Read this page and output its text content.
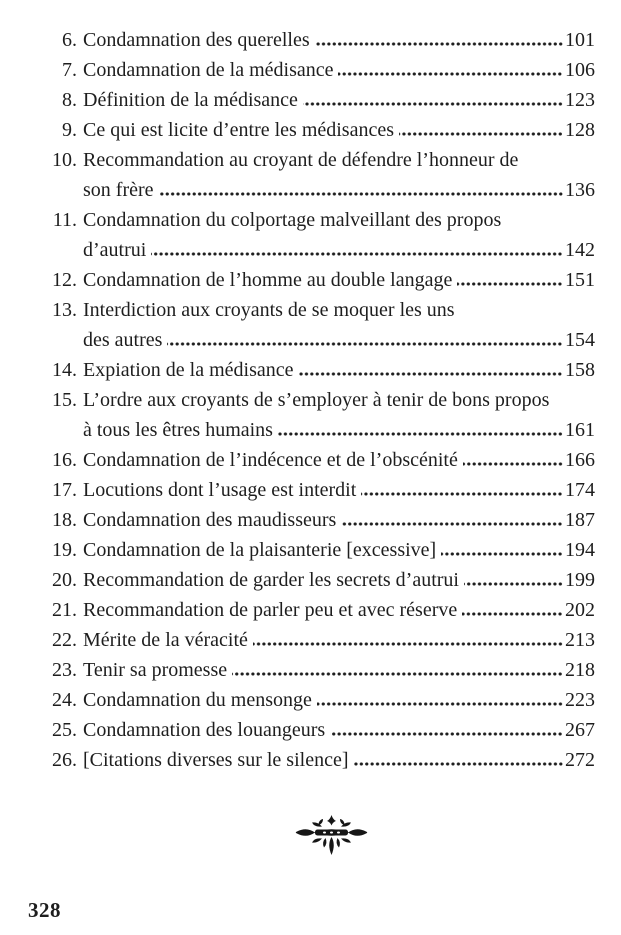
6. Condamnation des querelles	101
7. Condamnation de la médisance	106
8. Définition de la médisance	123
9. Ce qui est licite d’entre les médisances	128
10. Recommandation au croyant de défendre l’honneur de
son frère	136
11. Condamnation du colportage malveillant des propos
d’autrui	142
12. Condamnation de l’homme au double langage	151
13. Interdiction aux croyants de se moquer les uns
des autres	154
14. Expiation de la médisance	158
15. L’ordre aux croyants de s’employer à tenir de bons propos
à tous les êtres humains	161
16. Condamnation de l’indécence et de l’obscénité	166
17. Locutions dont l’usage est interdit	174
18. Condamnation des maudisseurs	187
19. Condamnation de la plaisanterie [excessive]	194
20. Recommandation de garder les secrets d’autrui	199
21. Recommandation de parler peu et avec réserve	202
22. Mérite de la véracité	213
23. Tenir sa promesse	218
24. Condamnation du mensonge	223
25. Condamnation des louangeurs	267
26. [Citations diverses sur le silence]	272
328
